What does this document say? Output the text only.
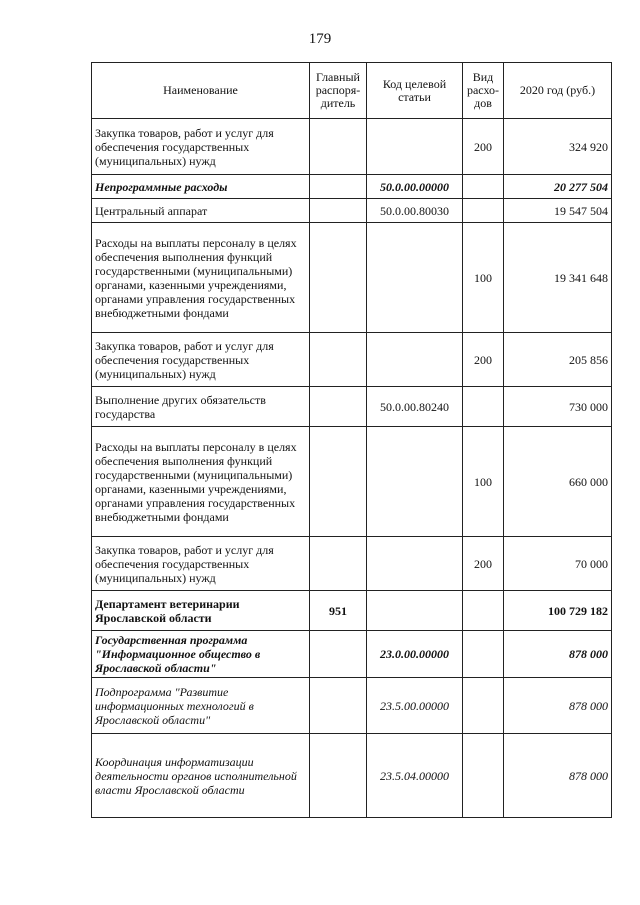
179
Наименование	Главный распоря-дитель	Код целевой статьи	Вид расхо-дов	2020 год (руб.)
Закупка товаров, работ и услуг для обеспечения государственных (муниципальных) нужд			200	324 920
Непрограммные расходы		50.0.00.00000		20 277 504
Центральный аппарат		50.0.00.80030		19 547 504
Расходы на выплаты персоналу в целях обеспечения выполнения функций государственными (муниципальными) органами, казенными учреждениями, органами управления государственных внебюджетными фондами			100	19 341 648
Закупка товаров, работ и услуг для обеспечения государственных (муниципальных) нужд			200	205 856
Выполнение других обязательств государства		50.0.00.80240		730 000
Расходы на выплаты персоналу в целях обеспечения выполнения функций государственными (муниципальными) органами, казенными учреждениями, органами управления государственных внебюджетными фондами			100	660 000
Закупка товаров, работ и услуг для обеспечения государственных (муниципальных) нужд			200	70 000
Департамент ветеринарии Ярославской области	951			100 729 182
Государственная программа "Информационное общество в Ярославской области"		23.0.00.00000		878 000
Подпрограмма "Развитие информационных технологий в Ярославской области"		23.5.00.00000		878 000
Координация информатизации деятельности органов исполнительной власти Ярославской области		23.5.04.00000		878 000
